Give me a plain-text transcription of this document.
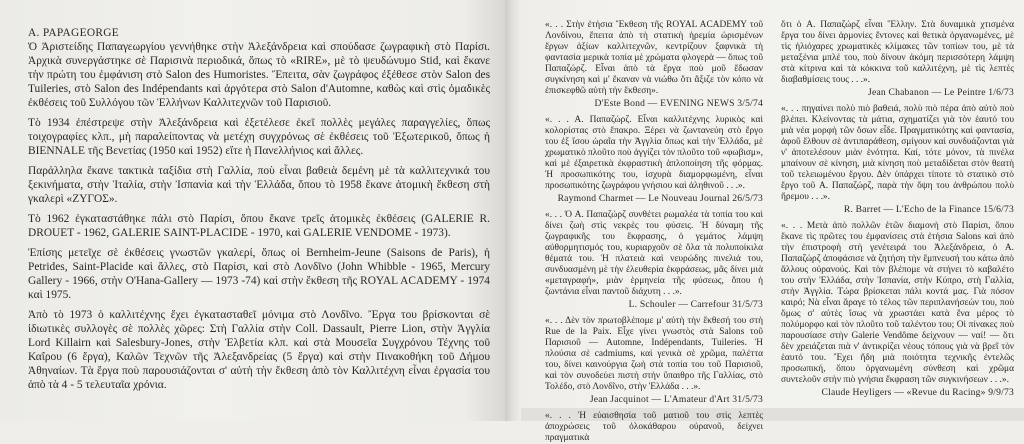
A. PAPAGEORGE

Ὁ Ἀριστείδης Παπαγεωργίου γεννήθηκε στὴν Ἀλεξάνδρεια καὶ σπούδασε ζωγραφικὴ στὸ Παρίσι. Ἀρχικὰ συνεργάστηκε σὲ Παρισινὰ περιοδικά, ὅπως τὸ «RIRE», μὲ τὸ ψευδώνυμο Stid, καὶ ἔκανε τὴν πρώτη του ἐμφάνιση στὸ Salon des Humoristes. Ἔπειτα, σὰν ζωγράφος ἐξέθεσε στὸν Salon des Tuileries, στὸ Salon des Indépendants καὶ ἀργότερα στὸ Salon d'Automne, καθὼς καὶ στὶς ὁμαδικὲς ἐκθέσεις τοῦ Συλλόγου τῶν Ἑλλήνων Καλλιτεχνῶν τοῦ Παρισιοῦ.

Τὸ 1934 ἐπέστρεψε στὴν Ἀλεξάνδρεια καὶ ἐξετέλεσε ἐκεῖ πολλὲς μεγάλες παραγγελίες, ὅπως τοιχογραφίες κλπ., μὴ παραλείποντας νὰ μετέχη συγχρόνως σὲ ἐκθέσεις τοῦ Ἐξωτερικοῦ, ὅπως ἡ BIENNALE τῆς Βενετίας (1950 καὶ 1952) εἴτε ἡ Πανελλήνιος καὶ ἄλλες.

Παράλληλα ἔκανε τακτικὰ ταξίδια στὴ Γαλλία, ποὺ εἶναι βαθειὰ δεμένη μὲ τὰ καλλιτεχνικά του ξεκινήματα, στὴν Ἰταλία, στὴν Ἰσπανία καὶ τὴν Ἑλλάδα, ὅπου τὸ 1958 ἔκανε ἀτομικὴ ἔκθεση στὴ γκαλερὶ «ΖΥΓΟΣ».

Τὸ 1962 ἐγκαταστάθηκε πάλι στὸ Παρίσι, ὅπου ἔκανε τρεῖς ἀτομικὲς ἐκθέσεις (GALERIE R. DROUET - 1962, GALERIE SAINT-PLACIDE - 1970, καὶ GALERIE VENDOME - 1973).

Ἐπίσης μετεῖχε σὲ ἐκθέσεις γνωστῶν γκαλερί, ὅπως οἱ Bernheim-Jeune (Saisons de Paris), ἡ Petrides, Saint-Placide καὶ ἄλλες, στὸ Παρίσι, καὶ στὸ Λονδῖνο (John Whibble - 1965, Mercury Gallery - 1966, στὴν O'Hana-Gallery — 1973 -74) καὶ στὴν ἔκθεση τῆς ROYAL ACADEMY - 1974 καὶ 1975.

Ἀπὸ τὸ 1973 ὁ καλλιτέχνης ἔχει ἐγκατασταθεῖ μόνιμα στὸ Λονδῖνο. Ἔργα του βρίσκονται σὲ ἰδιωτικὲς συλλογὲς σὲ πολλὲς χῶρες: Στὴ Γαλλία στὴν Coll. Dassault, Pierre Lion, στὴν Ἀγγλία Lord Killairn καὶ Salesbury-Jones, στὴν Ἑλβετία κλπ. καὶ στὰ Μουσεῖα Συγχρόνου Τέχνης τοῦ Καΐρου (6 ἔργα), Καλῶν Τεχνῶν τῆς Ἀλεξανδρείας (5 ἔργα) καὶ στὴν Πινακοθήκη τοῦ Δήμου Ἀθηναίων. Τὰ ἔργα ποὺ παρουσιάζονται σ' αὐτὴ τὴν ἔκθεση ἀπὸ τὸν Καλλιτέχνη εἶναι ἐργασία του ἀπὸ τὰ 4 - 5 τελευταῖα χρόνια.

«. . . Στὴν ἐτήσια Ἔκθεση τῆς ROYAL ACADEMY τοῦ Λονδίνου, ἔπειτα ἀπὸ τὴ στατικὴ ἠρεμία ὡρισμένων ἔργων ἀξίων καλλιτεχνῶν, κεντρίζουν ξαφνικὰ τὴ φαντασία μερικὰ τοπία μὲ χρώματα φλογερὰ — ὅπως τοῦ Παπαζώρζ. Εἶναι ἀπὸ τὰ ἔργα ποὺ μοῦ ἔδωσαν συγκίνηση καὶ μ' ἔκαναν νὰ νιώθω ὅτι ἄξιζε τὸν κόπο νὰ ἐπισκεφθῶ αὐτὴ τὴν ἔκθεση».

D'Este Bond — EVENING NEWS 3/5/74

«. . . A. Παπαζώρζ. Εἶναι καλλιτέχνης λυρικὸς καὶ κολορίστας στὸ ἔπακρο. Ξέρει νὰ ζωντανεύη στὸ ἔργο του ἐξ ἴσου ὡραῖα τὴν Ἀγγλία ὅπως καὶ τὴν Ἑλλάδα, μὲ χρωματικὸ πλοῦτο ποὺ ἀγγίζει τὸν πλοῦτο τοῦ «φωβισμ», καὶ μὲ ἐξαιρετικὰ ἐκφραστικὴ ἁπλοποίηση τῆς φόρμας. Ἡ προσωπικότης του, ἰσχυρὰ διαμορφωμένη, εἶναι προσωπικότης ζωγράφου γνήσιου καὶ ἀληθινοῦ . . .».

Raymond Charmet — Le Nouveau Journal 26/5/73

«. . . Ὁ A. Παπαζώρζ συνθέτει ρωμαλέα τὰ τοπία του καὶ δίνει ζωὴ στὶς νεκρὲς του φύσεις. Ἡ δύναμη τῆς ζωγραφικῆς του ἔκφρασης, ὁ γεμάτος λάμψη αὐθορμητισμός του, κυριαρχοῦν σὲ ὅλα τὰ πολυποίκιλα θέματά του. Ἡ πλατειὰ καὶ νευρώδης πινελιά του, συνδυασμένη μὲ τὴν ἐλευθερία ἐκφράσεως, μᾶς δίνει μιὰ «μεταγραφή», μιὰν ἑρμηνεία τῆς φύσεως, ὅπου ἡ ζωντάνια εἶναι παντοῦ διάχυτη . . .».

L. Schouler — Carrefour 31/5/73

«. . . Δὲν τὸν πρωτοβλέπομε μ' αὐτὴ τὴν ἔκθεσή του στὴ Rue de la Paix. Εἶχε γίνει γνωστὸς στὰ Salons τοῦ Παρισιοῦ — Automne, Indépendants, Tuileries. Ἡ πλούσια σὲ cadmiums, καὶ γενικὰ σὲ χρῶμα, παλέττα του, δίνει καινούργια ζωὴ στὰ τοπία του τοῦ Παρισιοῦ, καὶ τὸν συνοδεύει πιστὴ στὴν ὕπαιθρο τῆς Γαλλίας, στὸ Τολέδο, στὸ Λονδῖνο, στὴν Ἑλλάδα . . .».

Jean Jacquinot — L'Amateur d'Art 31/5/73

«. . . Ἡ εὐαισθησία τοῦ ματιοῦ του στὶς λεπτὲς ἀποχρώσεις τοῦ ὁλοκάθαρου οὐρανοῦ, δείχνει πραγματικὰ

ὅτι ὁ A. Παπαζώρζ εἶναι Ἕλλην. Στὰ δυναμικὰ χτισμένα ἔργα του δίνει ἁρμονίες ἔντονες καὶ θετικὰ ὀργανωμένες, μὲ τὶς ἡλιόχαρες χρωματικὲς κλίμακες τῶν τοπίων του, μὲ τὰ μεταξένια μπλέ του, ποὺ δίνουν ἀκόμη περισσότερη λάμψη στὰ κίτρινα καὶ τὰ κόκκινα τοῦ καλλιτέχνη, μὲ τὶς λεπτὲς διαβαθμίσεις τους . . .».

Jean Chabanon — Le Peintre 1/6/73

«. . . πηγαίνει πολὺ πιὸ βαθειά, πολὺ πιὸ πέρα ἀπὸ αὐτὸ ποὺ βλέπει. Κλείνοντας τὰ μάτια, σχηματίζει γιὰ τὸν ἑαυτό του μιὰ νέα μορφὴ τῶν ὅσων εἶδε. Πραγματικότης καὶ φαντασία, ἀφοῦ ἔλθουν σὲ ἀντιπαράθεση, σμίγουν καὶ συνδυάζονται γιὰ ν' ἀποτελέσουν μιὰν ἑνότητα. Καί, τότε μόνον, τὰ πινέλα μπαίνουν σὲ κίνηση, μιὰ κίνηση ποὺ μεταδίδεται στὸν θεατὴ τοῦ τελειωμένου ἔργου. Δὲν ὑπάρχει τίποτε τὸ στατικὸ στὸ ἔργο τοῦ A. Παπαζώρζ, παρὰ τὴν ὄψη του ἀνθρώπου πολὺ ἤρεμου . . .».

R. Barret — L'Echo de la Finance 15/6/73

«. . . Μετὰ ἀπὸ πολλῶν ἐτῶν διαμονὴ στὸ Παρίσι, ὅπου ἔκανε τὶς πρῶτες του ἐμφανίσεις στὰ ἐτήσια Salons καὶ ἀπὸ τὴν ἐπιστροφὴ στὴ γενέτειρά του Ἀλεξάνδρεια, ὁ A. Παπαζώρζ ἀποφάσισε νὰ ζητήση τὴν ἔμπνευσή του κάτω ἀπὸ ἄλλους οὐρανούς. Καὶ τὸν βλέπομε νὰ στήνει τὸ καβαλέτο του στὴν Ἑλλάδα, στὴν Ἰσπανία, στὴν Κύπρο, στὴ Γαλλία, στὴν Ἀγγλία. Τώρα βρίσκεται πάλι κοντά μας. Γιὰ πόσον καιρό; Νὰ εἶναι ἄραγε τὸ τέλος τῶν περιπλανήσεών του, ποὺ ὅμως σ' αὐτὲς ἴσως νὰ χρωστάει κατὰ ἕνα μέρος τὸ πολύμορφο καὶ τὸν πλοῦτο τοῦ ταλέντου του; Οἱ πίνακες ποὺ παρουσίασε στὴν Galerie Vendôme δείχνουν — ναί! — ὅτι δὲν χρειάζεται πιὰ ν' ἀντικρίζει νέους τόπους γιὰ νὰ βρεῖ τὸν ἑαυτό του. Ἔχει ἤδη μιὰ ποιότητα τεχνικῆς ἐντελῶς προσωπική, ὅπου ὀργανωμένη σύνθεση καὶ χρῶμα συντελοῦν στὴν πιὸ γνήσια ἔκφραση τῶν συγκινήσεων . . .».

Claude Heyligers — «Revue du Racing» 9/9/73
